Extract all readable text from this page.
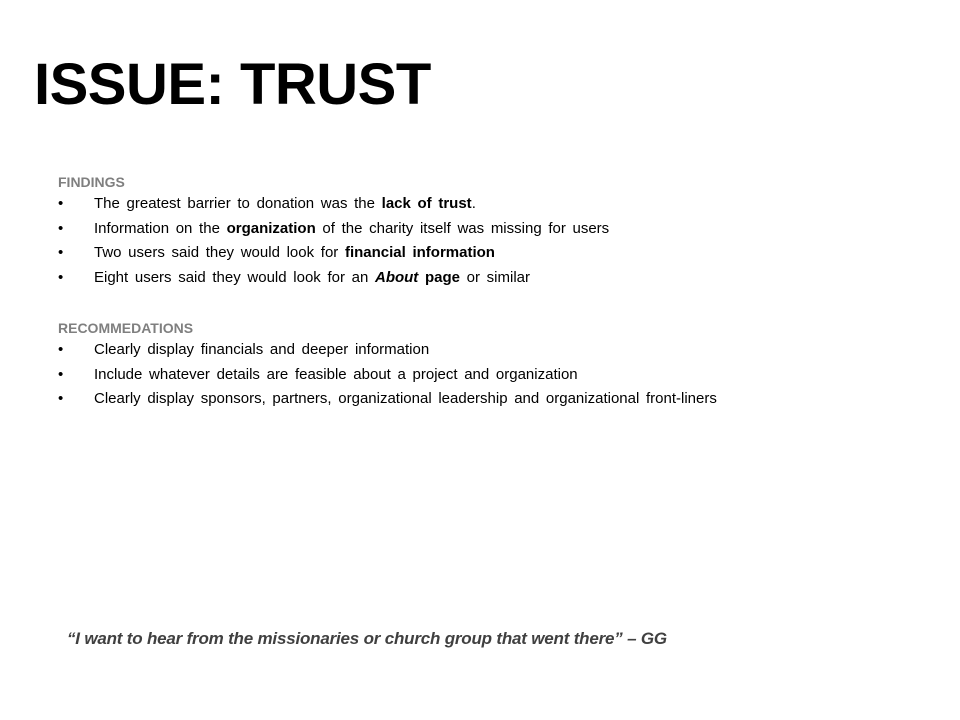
ISSUE: TRUST

FINDINGS

•	The greatest barrier to donation was the lack of trust.
•	Information on the organization of the charity itself was missing for users
•	Two users said they would look for financial information
•	Eight users said they would look for an About page or similar

RECOMMEDATIONS

•	Clearly display financials and deeper information
•	Include whatever details are feasible about a project and organization
•	Clearly display sponsors, partners, organizational leadership and organizational front-liners

“I want to hear from the missionaries or church group that went there” – GG
